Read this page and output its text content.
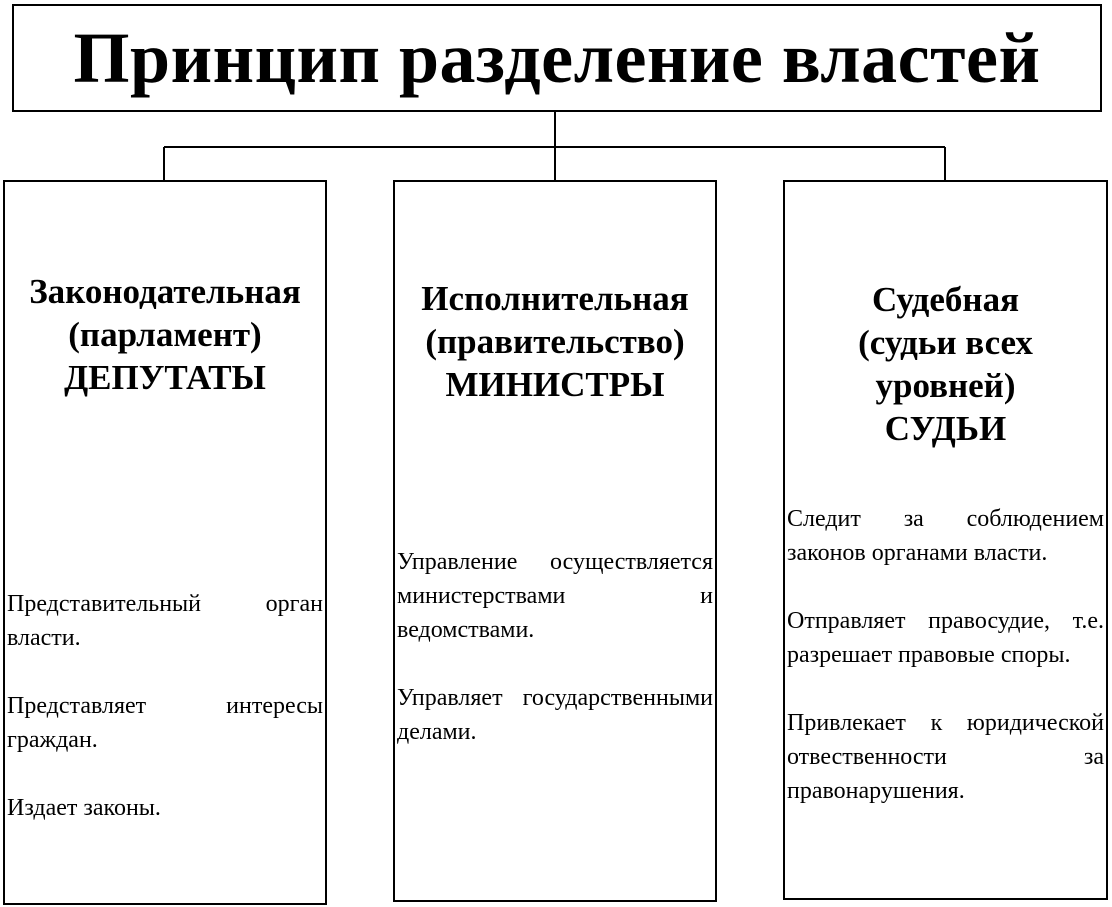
Принцип разделение властей
Законодательная
(парламент)
ДЕПУТАТЫ

Представительный орган власти.

Представляет интересы граждан.

Издает законы.

Исполнительная
(правительство)
МИНИСТРЫ

Управление осуществляется министерствами и ведомствами.

Управляет государственными делами.

Судебная
(судьи всех
уровней)
СУДЬИ

Следит за соблюдением законов органами власти.

Отправляет правосудие, т.е. разрешает правовые споры.

Привлекает к юридической отвественности за правонарушения.
